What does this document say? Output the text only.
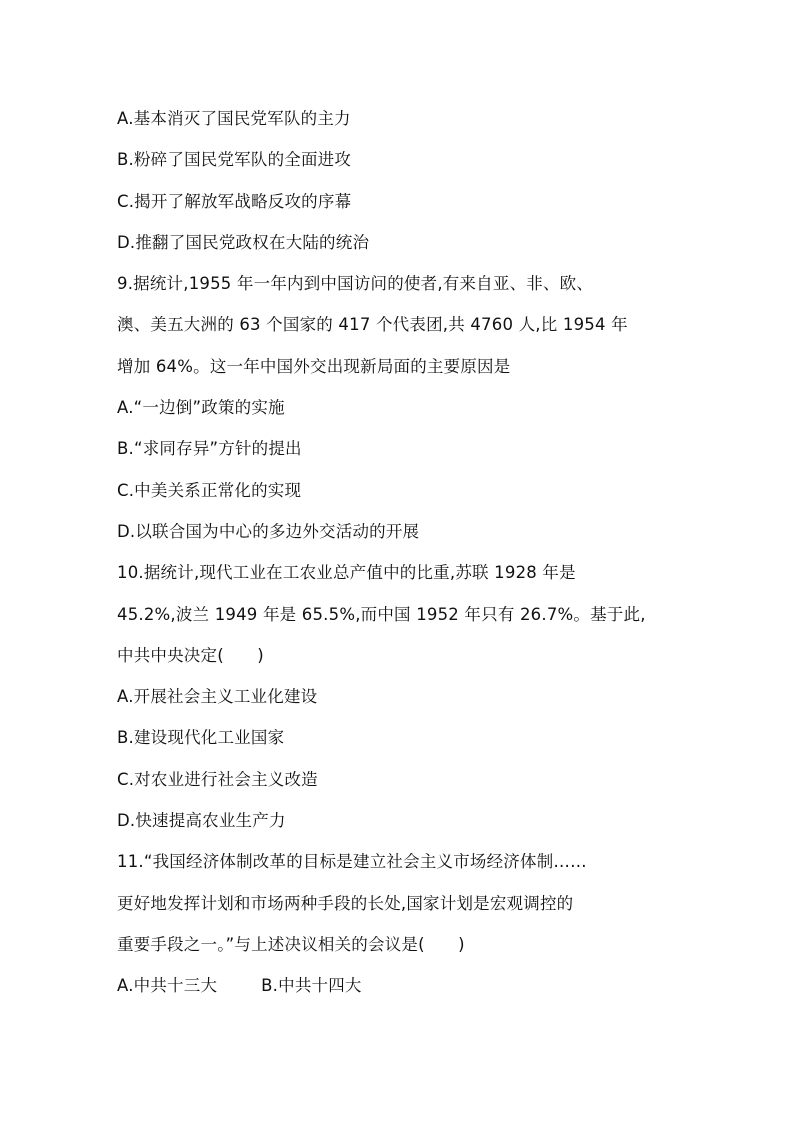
A.基本消灭了国民党军队的主力
B.粉碎了国民党军队的全面进攻
C.揭开了解放军战略反攻的序幕
D.推翻了国民党政权在大陆的统治
9.据统计,1955 年一年内到中国访问的使者,有来自亚、非、欧、
澳、美五大洲的 63 个国家的 417 个代表团,共 4760 人,比 1954 年
增加 64%。这一年中国外交出现新局面的主要原因是
A.“一边倒”政策的实施
B.“求同存异”方针的提出
C.中美关系正常化的实现
D.以联合国为中心的多边外交活动的开展
10.据统计,现代工业在工农业总产值中的比重,苏联 1928 年是
45.2%,波兰 1949 年是 65.5%,而中国 1952 年只有 26.7%。基于此,
中共中央决定(　　)
A.开展社会主义工业化建设
B.建设现代化工业国家
C.对农业进行社会主义改造
D.快速提高农业生产力
11.“我国经济体制改革的目标是建立社会主义市场经济体制……
更好地发挥计划和市场两种手段的长处,国家计划是宏观调控的
重要手段之一。”与上述决议相关的会议是(　　)
A.中共十三大	B.中共十四大
